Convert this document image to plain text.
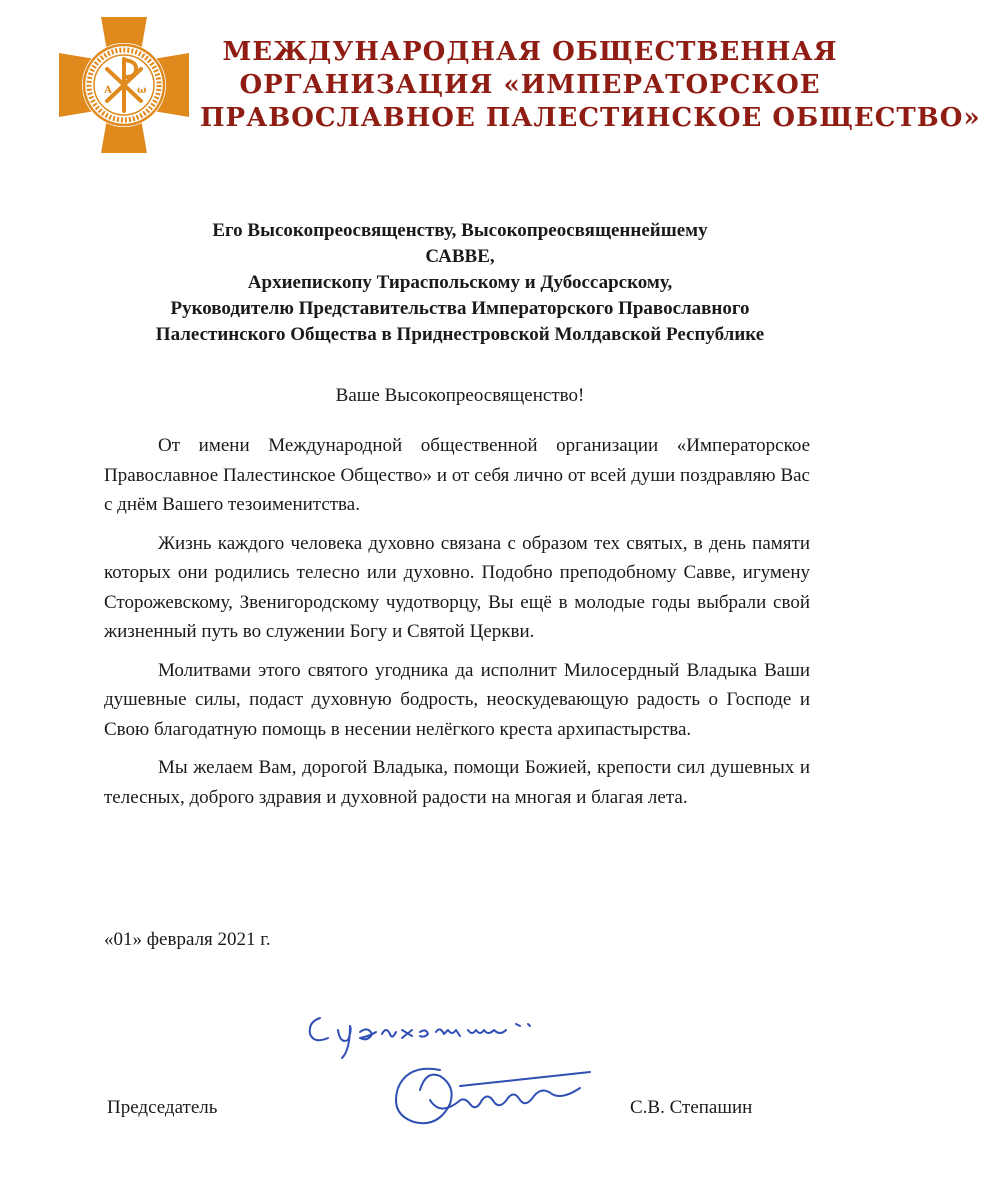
А ω
МЕЖДУНАРОДНАЯ ОБЩЕСТВЕННАЯ
ОРГАНИЗАЦИЯ «ИМПЕРАТОРСКОЕ
ПРАВОСЛАВНОЕ ПАЛЕСТИНСКОЕ ОБЩЕСТВО»
Его Высокопреосвященству, Высокопреосвященнейшему
САВВЕ,
Архиепископу Тираспольскому и Дубоссарскому,
Руководителю Представительства Императорского Православного
Палестинского Общества в Приднестровской Молдавской Республике
Ваше Высокопреосвященство!

От имени Международной общественной организации «Императорское Православное Палестинское Общество» и от себя лично от всей души поздравляю Вас с днём Вашего тезоименитства.

Жизнь каждого человека духовно связана с образом тех святых, в день памяти которых они родились телесно или духовно. Подобно преподобному Савве, игумену Сторожевскому, Звенигородскому чудотворцу, Вы ещё в молодые годы выбрали свой жизненный путь во служении Богу и Святой Церкви.

Молитвами этого святого угодника да исполнит Милосердный Владыка Ваши душевные силы, подаст духовную бодрость, неоскудевающую радость о Господе и Свою благодатную помощь в несении нелёгкого креста архипастырства.

Мы желаем Вам, дорогой Владыка, помощи Божией, крепости сил душевных и телесных, доброго здравия и духовной радости на многая и благая лета.

«01» февраля 2021 г.
Председатель	С.В. Степашин
